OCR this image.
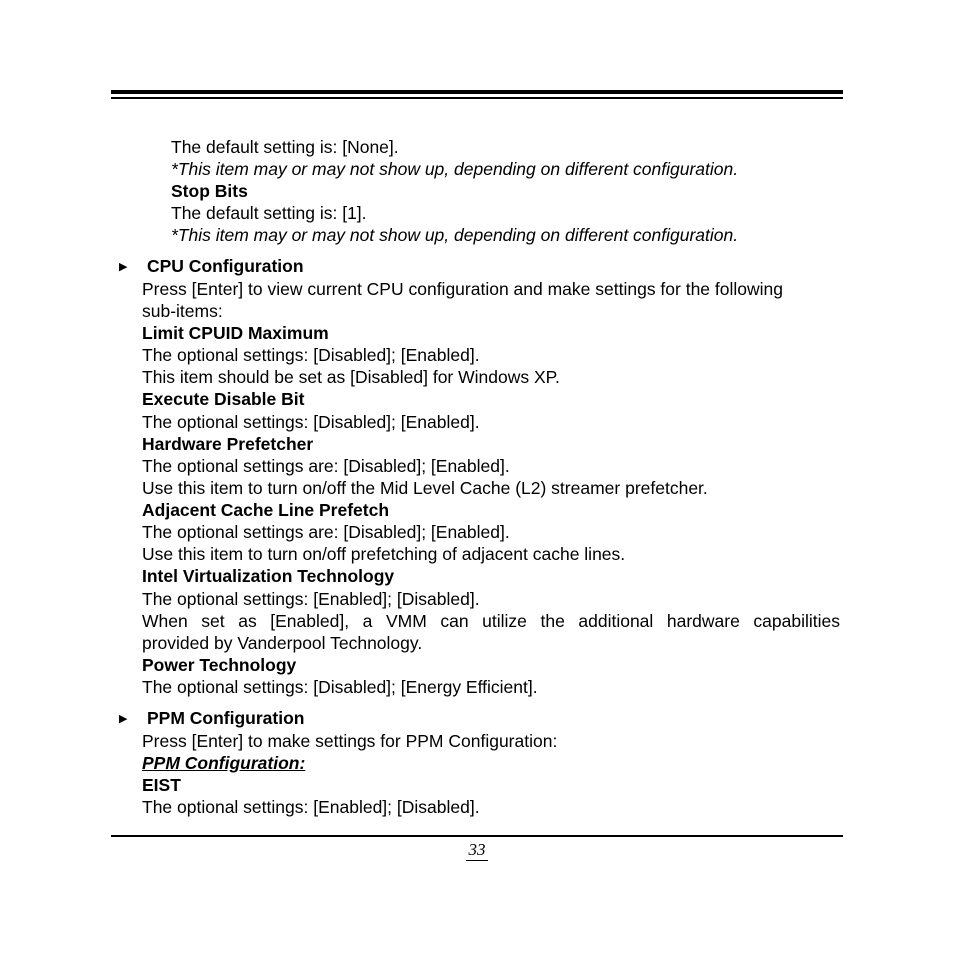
The default setting is: [None].
*This item may or may not show up, depending on different configuration.
Stop Bits
The default setting is: [1].
*This item may or may not show up, depending on different configuration.
▶ CPU Configuration
Press [Enter] to view current CPU configuration and make settings for the following
sub-items:
Limit CPUID Maximum
The optional settings: [Disabled]; [Enabled].
This item should be set as [Disabled] for Windows XP.
Execute Disable Bit
The optional settings: [Disabled]; [Enabled].
Hardware Prefetcher
The optional settings are: [Disabled]; [Enabled].
Use this item to turn on/off the Mid Level Cache (L2) streamer prefetcher.
Adjacent Cache Line Prefetch
The optional settings are: [Disabled]; [Enabled].
Use this item to turn on/off prefetching of adjacent cache lines.
Intel Virtualization Technology
The optional settings: [Enabled]; [Disabled].
When set as [Enabled], a VMM can utilize the additional hardware capabilities
provided by Vanderpool Technology.
Power Technology
The optional settings: [Disabled]; [Energy Efficient].
▶ PPM Configuration
Press [Enter] to make settings for PPM Configuration:
PPM Configuration:
EIST
The optional settings: [Enabled]; [Disabled].
33
